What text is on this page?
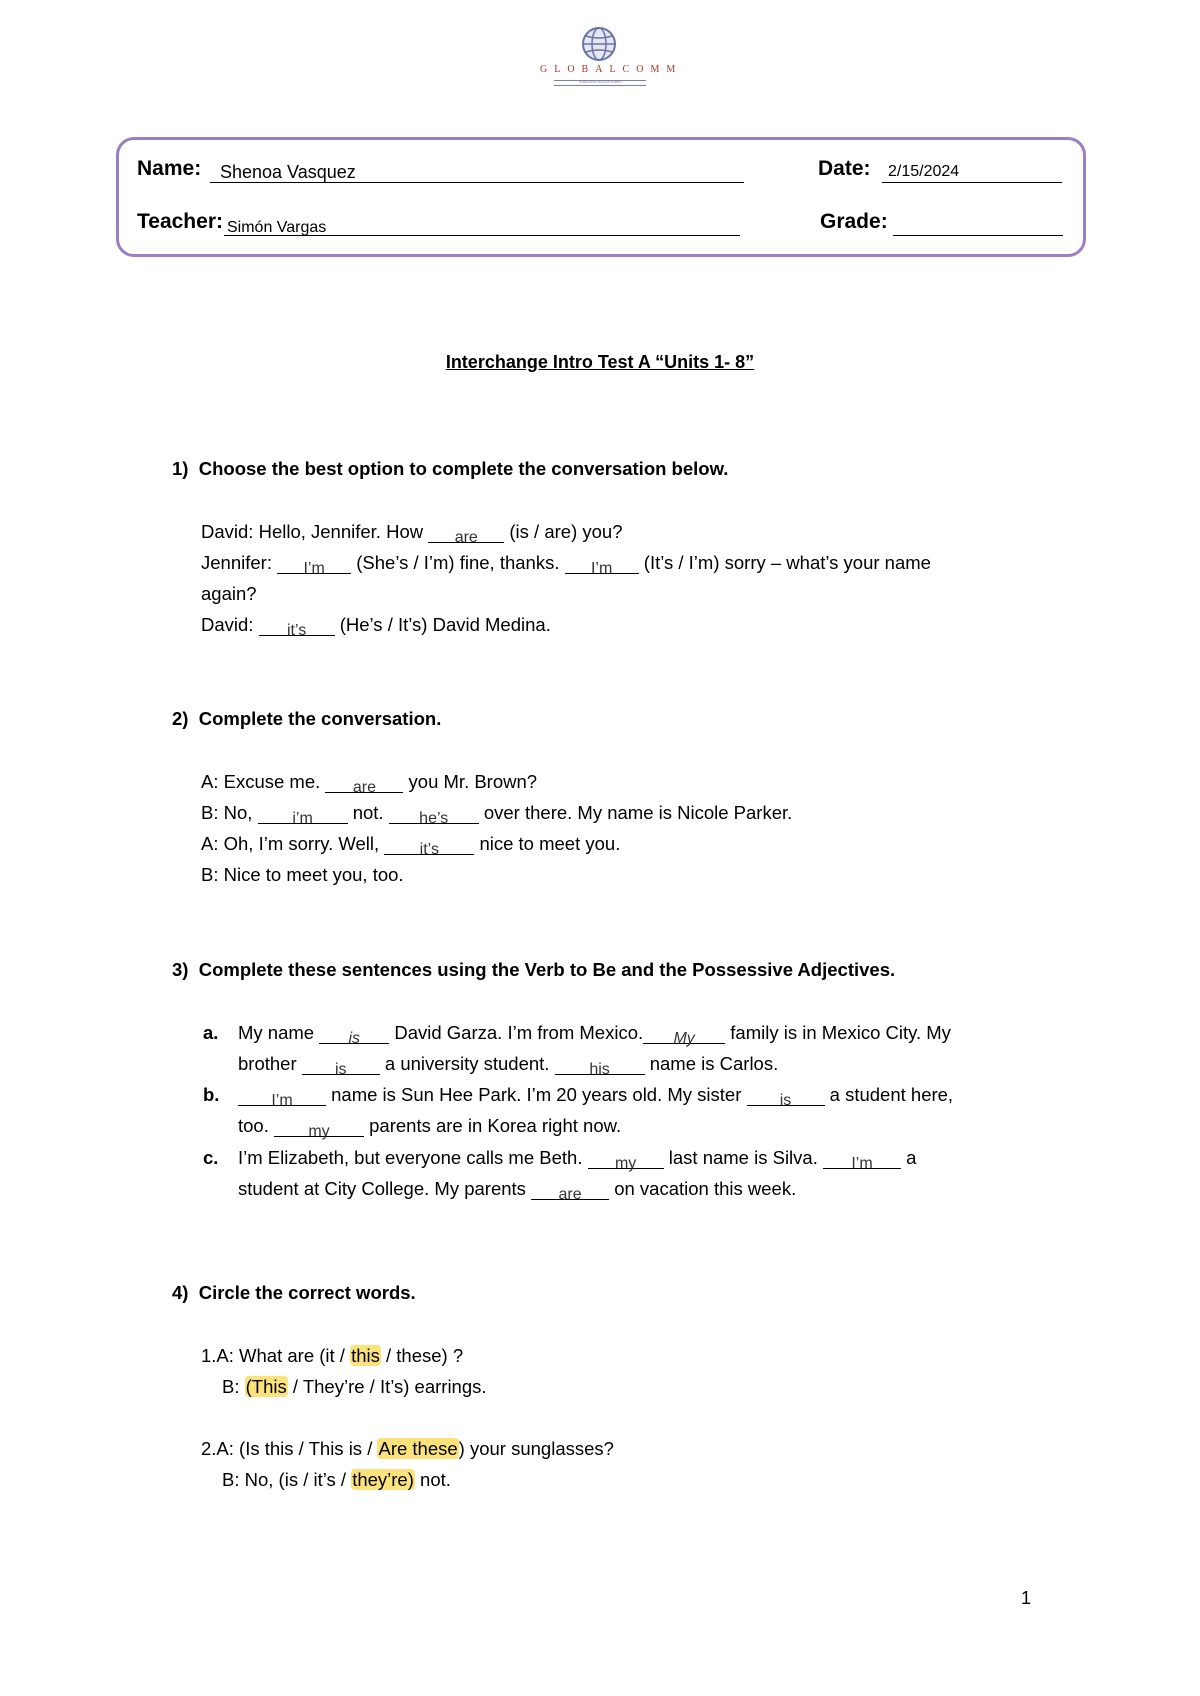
GLOBALCOMM
ENGLISH SOLUTIONS
Name: Shenoa Vasquez	Date: 2/15/2024
Teacher: Simón Vargas	Grade:
Interchange Intro Test A “Units 1- 8”
1) Choose the best option to complete the conversation below.
David: Hello, Jennifer. How are (is / are) you?
Jennifer: I’m (She’s / I’m) fine, thanks. I’m (It’s / I’m) sorry – what’s your name
again?
David: it’s (He’s / It’s) David Medina.
2) Complete the conversation.
A: Excuse me. are you Mr. Brown?
B: No, i’m not. he’s over there. My name is Nicole Parker.
A: Oh, I’m sorry. Well, it’s nice to meet you.
B: Nice to meet you, too.
3) Complete these sentences using the Verb to Be and the Possessive Adjectives.
a. My name is David Garza. I’m from Mexico. My family is in Mexico City. My
brother is a university student. his name is Carlos.
b.	I’m name is Sun Hee Park. I’m 20 years old. My sister is a student here,
too. my parents are in Korea right now.
c. I’m Elizabeth, but everyone calls me Beth. my last name is Silva. I’m a
student at City College. My parents are on vacation this week.
4) Circle the correct words.
1.A: What are (it / this / these) ?
B: (This / They’re / It’s) earrings.
2.A: (Is this / This is / Are these) your sunglasses?
B: No, (is / it’s / they’re) not.
1
